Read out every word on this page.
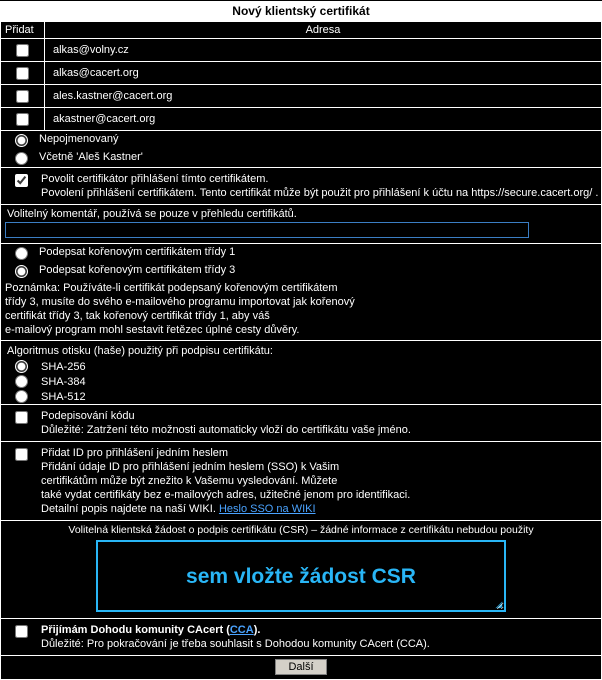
Nový klientský certifikát
Přidat	Adresa
alkas@volny.cz
alkas@cacert.org
ales.kastner@cacert.org
akastner@cacert.org
Nepojmenovaný
Včetně 'Aleš Kastner'
Povolit certifikátor přihlášení tímto certifikátem.
Povolení přihlášení certifikátem. Tento certifikát může být použit pro přihlášení k účtu na https://secure.cacert.org/ .
Volitelný komentář, používá se pouze v přehledu certifikátů.
Podepsat kořenovým certifikátem třídy 1
Podepsat kořenovým certifikátem třídy 3
Poznámka: Používáte-li certifikát podepsaný kořenovým certifikátem
třídy 3, musíte do svého e-mailového programu importovat jak kořenový
certifikát třídy 3, tak kořenový certifikát třídy 1, aby váš
e-mailový program mohl sestavit řetězec úplné cesty důvěry.
Algoritmus otisku (haše) použitý při podpisu certifikátu:
SHA-256
SHA-384
SHA-512
Podepisování kódu
Důležité: Zatržení této možnosti automaticky vloží do certifikátu vaše jméno.
Přidat ID pro přihlášení jedním heslem
Přidání údaje ID pro přihlášení jedním heslem (SSO) k Vašim
certifikátům může být znežito k Vašemu vysledování. Můžete
také vydat certifikáty bez e-mailových adres, užitečné jenom pro identifikaci.
Detailní popis najdete na naší WIKI. Heslo SSO na WIKI
Volitelná klientská žádost o podpis certifikátu (CSR) – žádné informace z certifikátu nebudou použity
sem vložte žádost CSR
◢
Přijímám Dohodu komunity CAcert (CCA).
Důležité: Pro pokračování je třeba souhlasit s Dohodou komunity CAcert (CCA).
Další
